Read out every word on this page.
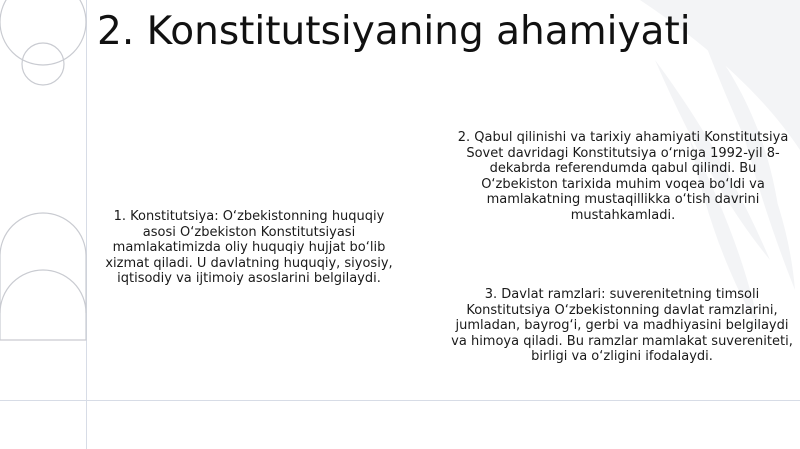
2. Konstitutsiyaning ahamiyati

1. Konstitutsiya: O‘zbekistonning huquqiy asosi O‘zbekiston Konstitutsiyasi mamlakatimizda oliy huquqiy hujjat bo‘lib xizmat qiladi. U davlatning huquqiy, siyosiy, iqtisodiy va ijtimoiy asoslarini belgilaydi.

2. Qabul qilinishi va tarixiy ahamiyati Konstitutsiya Sovet davridagi Konstitutsiya o‘rniga 1992-yil 8-dekabrda referendumda qabul qilindi. Bu O‘zbekiston tarixida muhim voqea bo‘ldi va mamlakatning mustaqillikka o‘tish davrini mustahkamladi.

3. Davlat ramzlari: suverenitetning timsoli Konstitutsiya O‘zbekistonning davlat ramzlarini, jumladan, bayrog‘i, gerbi va madhiyasini belgilaydi va himoya qiladi. Bu ramzlar mamlakat suvereniteti, birligi va o‘zligini ifodalaydi.
